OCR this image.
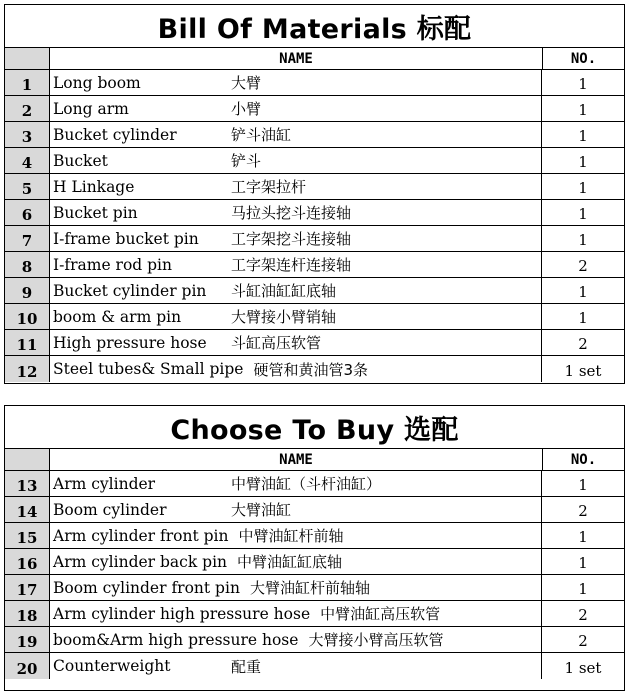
Bill Of Materials 标配
NAME	NO.
1	Long boom	大臂	1
2	Long arm	小臂	1
3	Bucket cylinder	铲斗油缸	1
4	Bucket	铲斗	1
5	H Linkage	工字架拉杆	1
6	Bucket pin	马拉头挖斗连接轴	1
7	I-frame bucket pin 工字架挖斗连接轴	1
8	I-frame rod pin	工字架连杆连接轴	2
9	Bucket cylinder pin 斗缸油缸缸底轴	1
10	boom & arm pin	大臂接小臂销轴	1
11	High pressure hose 斗缸高压软管	2
12	Steel tubes& Small pipe 硬管和黄油管3条	1 set
Choose To Buy 选配
NAME	NO.
13	Arm cylinder	中臂油缸（斗杆油缸）	1
14	Boom cylinder	大臂油缸	2
15	Arm cylinder front pin 中臂油缸杆前轴	1
16	Arm cylinder back pin 中臂油缸缸底轴	1
17	Boom cylinder front pin 大臂油缸杆前轴轴	1
18	Arm cylinder high pressure hose 中臂油缸高压软管	2
19	boom&Arm high pressure hose 大臂接小臂高压软管	2
20	Counterweight	配重	1 set
